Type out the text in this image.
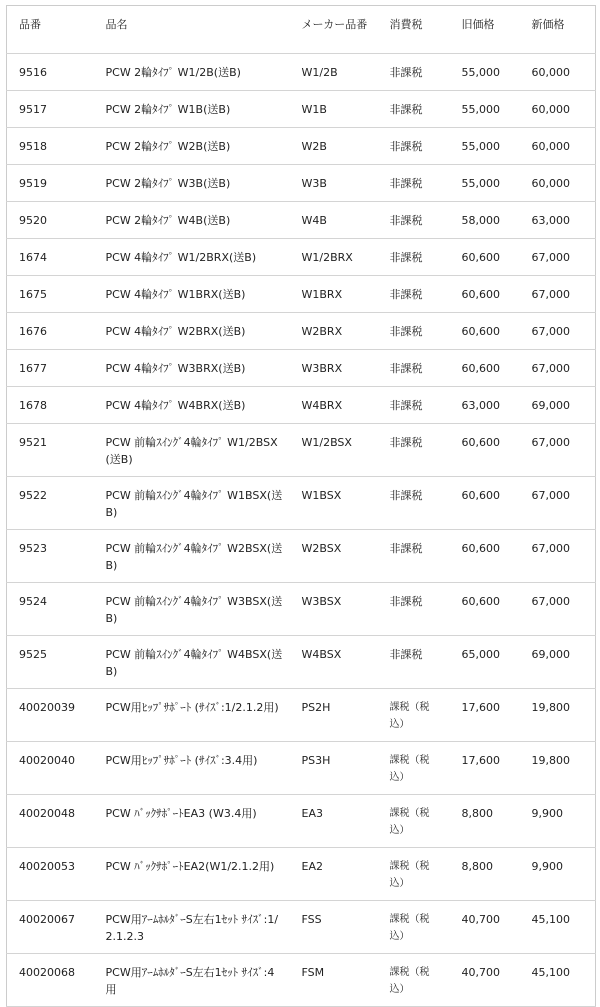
品番	品名	メーカー品番	消費税	旧価格	新価格
9516	PCW 2輪ﾀｲﾌﾟ W1/2B(送B)	W1/2B	非課税	55,000	60,000
9517	PCW 2輪ﾀｲﾌﾟ W1B(送B)	W1B	非課税	55,000	60,000
9518	PCW 2輪ﾀｲﾌﾟ W2B(送B)	W2B	非課税	55,000	60,000
9519	PCW 2輪ﾀｲﾌﾟ W3B(送B)	W3B	非課税	55,000	60,000
9520	PCW 2輪ﾀｲﾌﾟ W4B(送B)	W4B	非課税	58,000	63,000
1674	PCW 4輪ﾀｲﾌﾟ W1/2BRX(送B)	W1/2BRX	非課税	60,600	67,000
1675	PCW 4輪ﾀｲﾌﾟ W1BRX(送B)	W1BRX	非課税	60,600	67,000
1676	PCW 4輪ﾀｲﾌﾟ W2BRX(送B)	W2BRX	非課税	60,600	67,000
1677	PCW 4輪ﾀｲﾌﾟ W3BRX(送B)	W3BRX	非課税	60,600	67,000
1678	PCW 4輪ﾀｲﾌﾟ W4BRX(送B)	W4BRX	非課税	63,000	69,000
9521	PCW 前輪ｽｲﾝｸﾞ4輪ﾀｲﾌﾟ W1/2BSX(送B)	W1/2BSX	非課税	60,600	67,000
9522	PCW 前輪ｽｲﾝｸﾞ4輪ﾀｲﾌﾟ W1BSX(送B)	W1BSX	非課税	60,600	67,000
9523	PCW 前輪ｽｲﾝｸﾞ4輪ﾀｲﾌﾟ W2BSX(送B)	W2BSX	非課税	60,600	67,000
9524	PCW 前輪ｽｲﾝｸﾞ4輪ﾀｲﾌﾟ W3BSX(送B)	W3BSX	非課税	60,600	67,000
9525	PCW 前輪ｽｲﾝｸﾞ4輪ﾀｲﾌﾟ W4BSX(送B)	W4BSX	非課税	65,000	69,000
40020039	PCW用ﾋｯﾌﾟｻﾎﾟｰﾄ (ｻｲｽﾞ:1/2.1.2用)	PS2H	課税（税込）	17,600	19,800
40020040	PCW用ﾋｯﾌﾟｻﾎﾟｰﾄ (ｻｲｽﾞ:3.4用)	PS3H	課税（税込）	17,600	19,800
40020048	PCW ﾊﾞｯｸｻﾎﾟｰﾄEA3 (W3.4用)	EA3	課税（税込）	8,800	9,900
40020053	PCW ﾊﾞｯｸｻﾎﾟｰﾄEA2(W1/2.1.2用)	EA2	課税（税込）	8,800	9,900
40020067	PCW用ｱｰﾑﾎﾙﾀﾞｰS左右1ｾｯﾄ ｻｲｽﾞ:1/2.1.2.3	FSS	課税（税込）	40,700	45,100
40020068	PCW用ｱｰﾑﾎﾙﾀﾞｰS左右1ｾｯﾄ ｻｲｽﾞ:4用	FSM	課税（税込）	40,700	45,100
